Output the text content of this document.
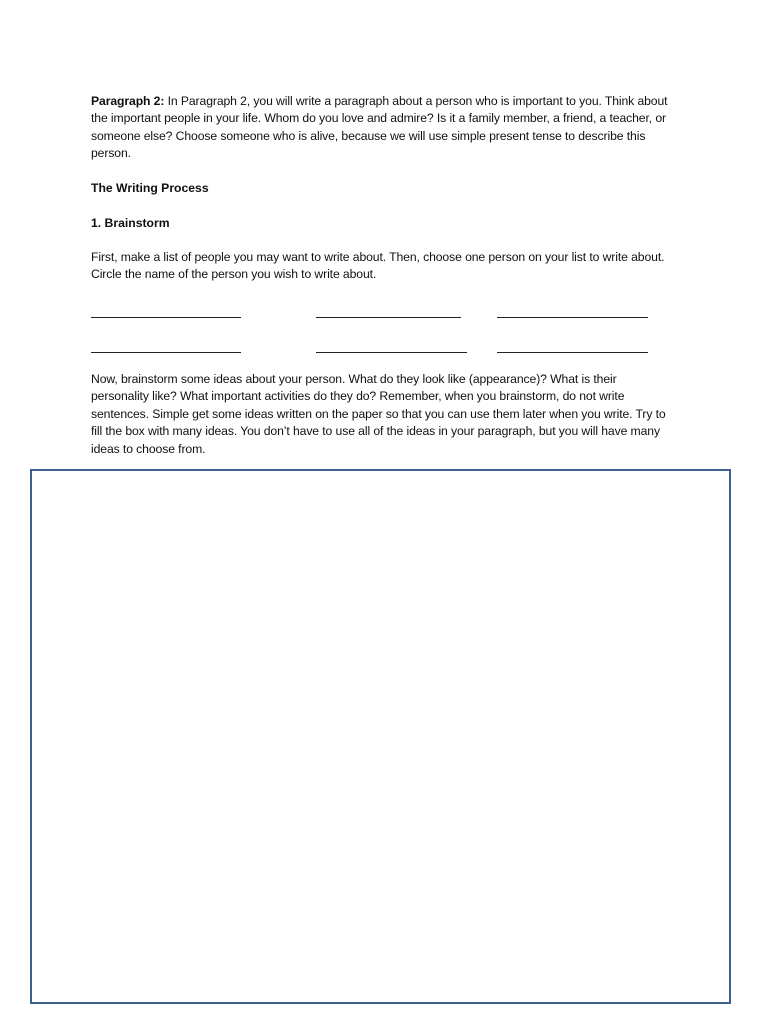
Paragraph 2: In Paragraph 2, you will write a paragraph about a person who is important to you. Think about the important people in your life. Whom do you love and admire? Is it a family member, a friend, a teacher, or someone else? Choose someone who is alive, because we will use simple present tense to describe this person.

The Writing Process
1. Brainstorm

First, make a list of people you may want to write about. Then, choose one person on your list to write about. Circle the name of the person you wish to write about.

Now, brainstorm some ideas about your person. What do they look like (appearance)? What is their personality like? What important activities do they do? Remember, when you brainstorm, do not write sentences. Simple get some ideas written on the paper so that you can use them later when you write. Try to fill the box with many ideas. You don’t have to use all of the ideas in your paragraph, but you will have many ideas to choose from.
